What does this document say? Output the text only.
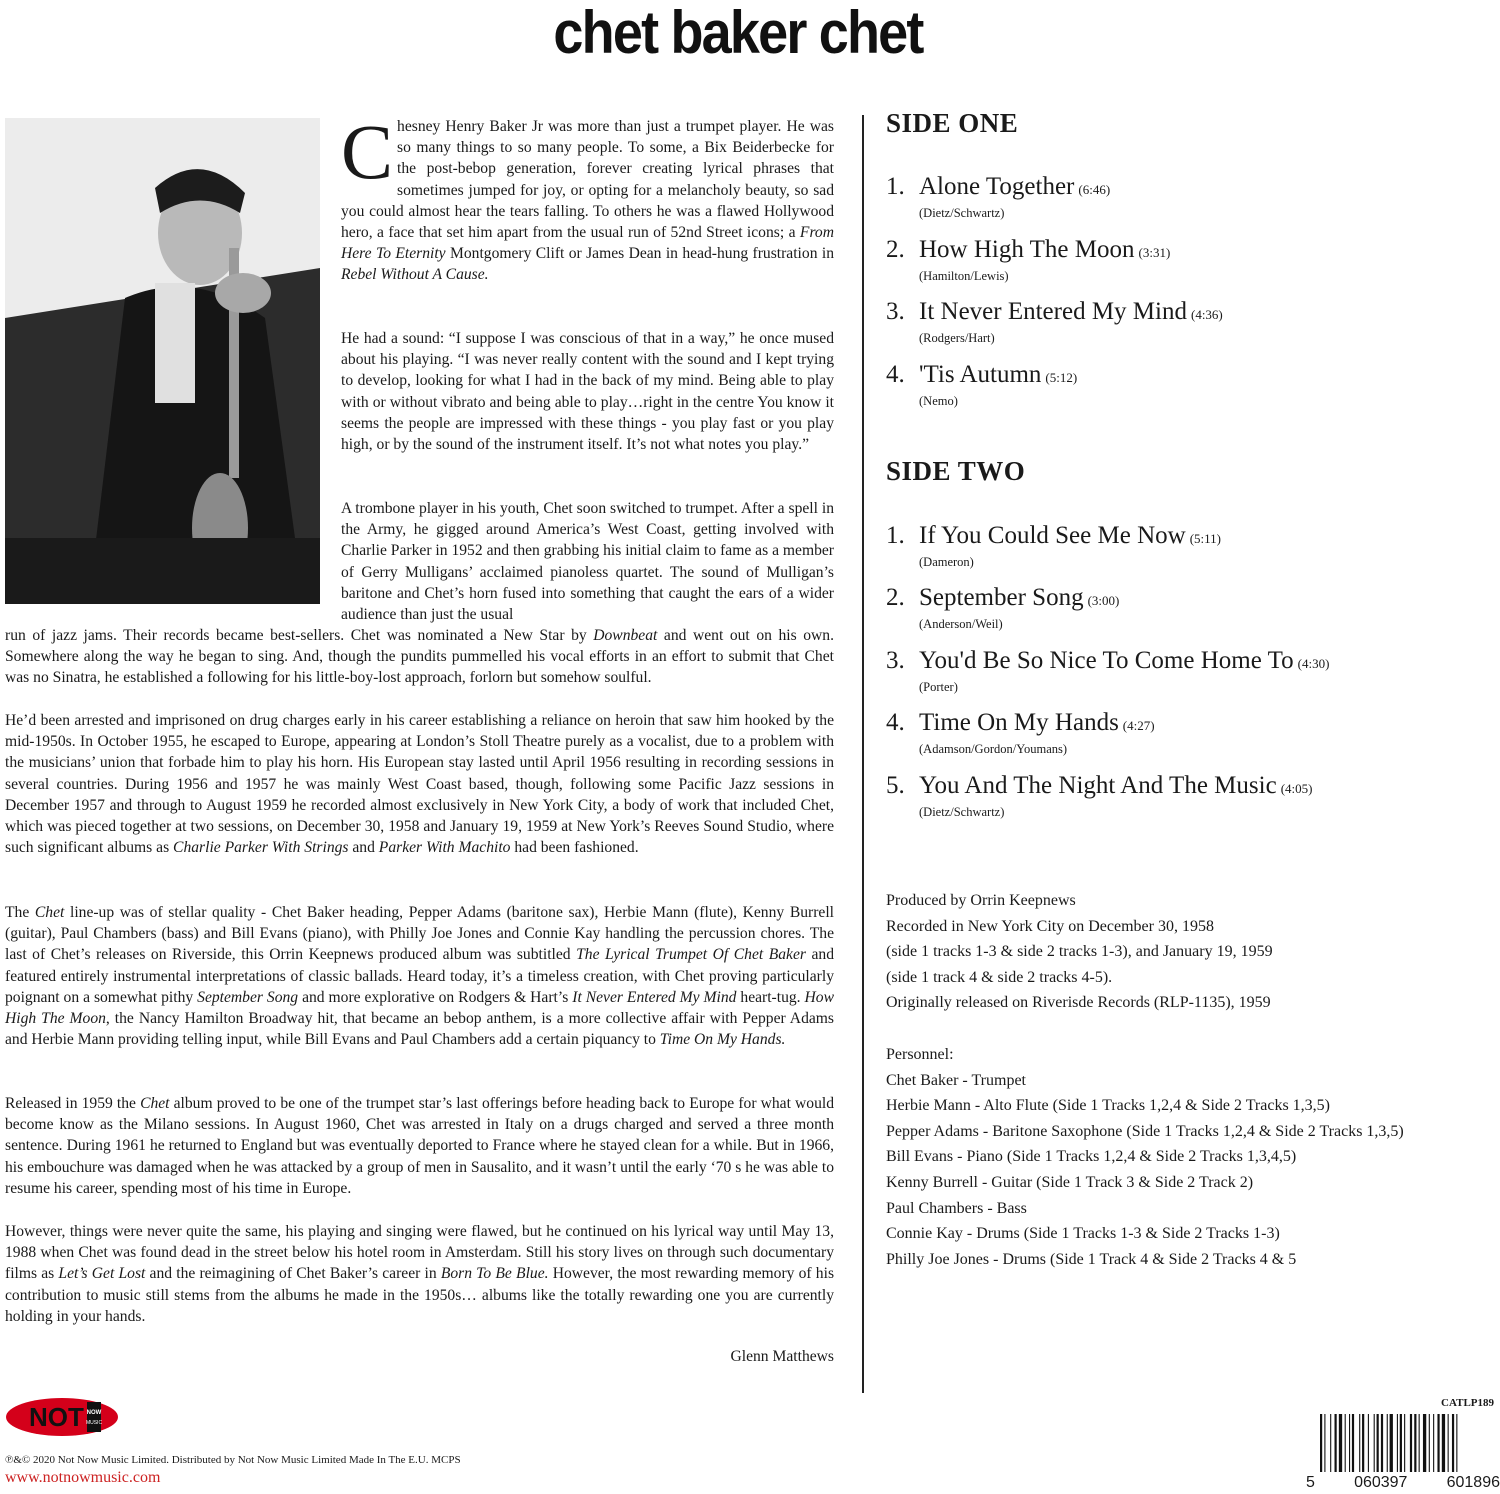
chet baker chet

Chesney Henry Baker Jr was more than just a trumpet player. He was so many things to so many people. To some, a Bix Beiderbecke for the post-bebop generation, forever creating lyrical phrases that sometimes jumped for joy, or opting for a melancholy beauty, so sad you could almost hear the tears falling. To others he was a flawed Hollywood hero, a face that set him apart from the usual run of 52nd Street icons; a From Here To Eternity Montgomery Clift or James Dean in head-hung frustration in Rebel Without A Cause.

He had a sound: “I suppose I was conscious of that in a way,” he once mused about his playing. “I was never really content with the sound and I kept trying to develop, looking for what I had in the back of my mind. Being able to play with or without vibrato and being able to play…right in the centre You know it seems the people are impressed with these things - you play fast or you play high, or by the sound of the instrument itself. It’s not what notes you play.”

A trombone player in his youth, Chet soon switched to trumpet. After a spell in the Army, he gigged around America’s West Coast, getting involved with Charlie Parker in 1952 and then grabbing his initial claim to fame as a member of Gerry Mulligans’ acclaimed pianoless quartet. The sound of Mulligan’s baritone and Chet’s horn fused into something that caught the ears of a wider audience than just the usual

run of jazz jams. Their records became best-sellers. Chet was nominated a New Star by Downbeat and went out on his own. Somewhere along the way he began to sing. And, though the pundits pummelled his vocal efforts in an effort to submit that Chet was no Sinatra, he established a following for his little-boy-lost approach, forlorn but somehow soulful.

He’d been arrested and imprisoned on drug charges early in his career establishing a reliance on heroin that saw him hooked by the mid-1950s. In October 1955, he escaped to Europe, appearing at London’s Stoll Theatre purely as a vocalist, due to a problem with the musicians’ union that forbade him to play his horn. His European stay lasted until April 1956 resulting in recording sessions in several countries. During 1956 and 1957 he was mainly West Coast based, though, following some Pacific Jazz sessions in December 1957 and through to August 1959 he recorded almost exclusively in New York City, a body of work that included Chet, which was pieced together at two sessions, on December 30, 1958 and January 19, 1959 at New York’s Reeves Sound Studio, where such significant albums as Charlie Parker With Strings and Parker With Machito had been fashioned.

The Chet line-up was of stellar quality - Chet Baker heading, Pepper Adams (baritone sax), Herbie Mann (flute), Kenny Burrell (guitar), Paul Chambers (bass) and Bill Evans (piano), with Philly Joe Jones and Connie Kay handling the percussion chores. The last of Chet’s releases on Riverside, this Orrin Keepnews produced album was subtitled The Lyrical Trumpet Of Chet Baker and featured entirely instrumental interpretations of classic ballads. Heard today, it’s a timeless creation, with Chet proving particularly poignant on a somewhat pithy September Song and more explorative on Rodgers & Hart’s It Never Entered My Mind heart-tug. How High The Moon, the Nancy Hamilton Broadway hit, that became an bebop anthem, is a more collective affair with Pepper Adams and Herbie Mann providing telling input, while Bill Evans and Paul Chambers add a certain piquancy to Time On My Hands.

Released in 1959 the Chet album proved to be one of the trumpet star’s last offerings before heading back to Europe for what would become know as the Milano sessions. In August 1960, Chet was arrested in Italy on a drugs charged and served a three month sentence. During 1961 he returned to England but was eventually deported to France where he stayed clean for a while. But in 1966, his embouchure was damaged when he was attacked by a group of men in Sausalito, and it wasn’t until the early ‘70 s he was able to resume his career, spending most of his time in Europe.

However, things were never quite the same, his playing and singing were flawed, but he continued on his lyrical way until May 13, 1988 when Chet was found dead in the street below his hotel room in Amsterdam. Still his story lives on through such documentary films as Let’s Get Lost and the reimagining of Chet Baker’s career in Born To Be Blue. However, the most rewarding memory of his contribution to music still stems from the albums he made in the 1950s… albums like the totally rewarding one you are currently holding in your hands.

Glenn Matthews
SIDE ONE
1. Alone Together (6:46)
(Dietz/Schwartz)
2. How High The Moon (3:31)
(Hamilton/Lewis)
3. It Never Entered My Mind (4:36)
(Rodgers/Hart)
4. 'Tis Autumn (5:12)
(Nemo)
SIDE TWO
1. If You Could See Me Now (5:11)
(Dameron)
2. September Song (3:00)
(Anderson/Weil)
3. You'd Be So Nice To Come Home To (4:30)
(Porter)
4. Time On My Hands (4:27)
(Adamson/Gordon/Youmans)
5. You And The Night And The Music (4:05)
(Dietz/Schwartz)
Produced by Orrin Keepnews
Recorded in New York City on December 30, 1958
(side 1 tracks 1-3 & side 2 tracks 1-3), and January 19, 1959
(side 1 track 4 & side 2 tracks 4-5).
Originally released on Riverisde Records (RLP-1135), 1959
Personnel:
Chet Baker - Trumpet
Herbie Mann - Alto Flute (Side 1 Tracks 1,2,4 & Side 2 Tracks 1,3,5)
Pepper Adams - Baritone Saxophone (Side 1 Tracks 1,2,4 & Side 2 Tracks 1,3,5)
Bill Evans - Piano (Side 1 Tracks 1,2,4 & Side 2 Tracks 1,3,4,5)
Kenny Burrell - Guitar (Side 1 Track 3 & Side 2 Track 2)
Paul Chambers - Bass
Connie Kay - Drums (Side 1 Tracks 1-3 & Side 2 Tracks 1-3)
Philly Joe Jones - Drums (Side 1 Track 4 & Side 2 Tracks 4 & 5
CATLP189
NOT NOW
MUSIC
℗&© 2020 Not Now Music Limited. Distributed by Not Now Music Limited Made In The E.U. MCPS
www.notnowmusic.com	5 060397 601896
